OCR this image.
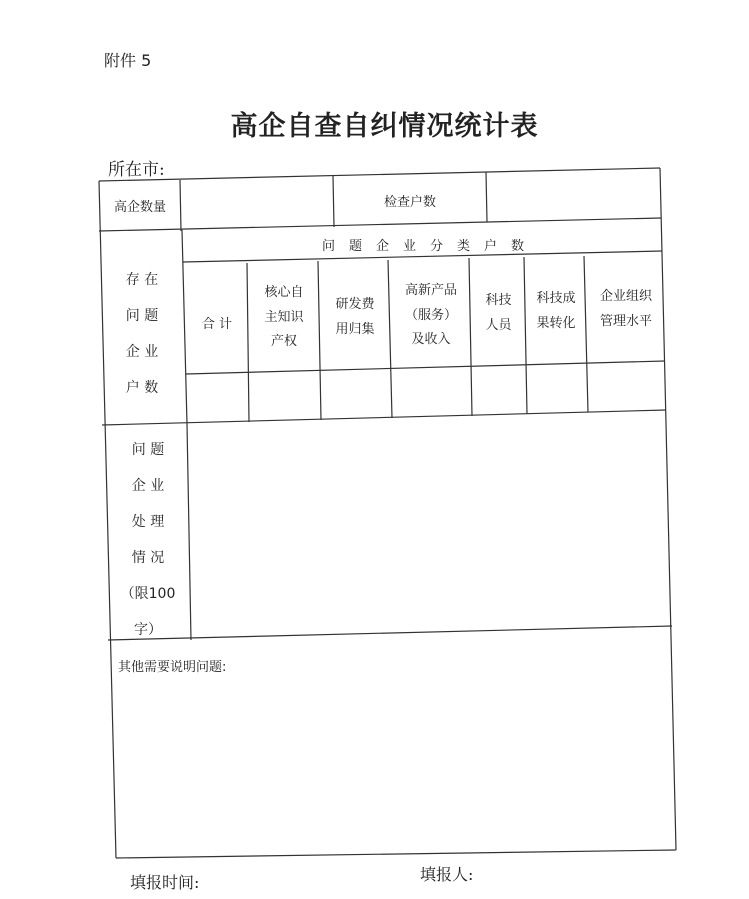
附件 5
高企自查自纠情况统计表
所在市:
高企数量	检查户数
存 在
问 题
企 业
户 数
问题企业分类户数
合 计
核心自
主知识
产权
研发费
用归集
高新产品
（服务）
及收入
科技
人员
科技成
果转化
企业组织
管理水平
问 题
企 业
处 理
情 况
（限100
字）
其他需要说明问题:
填报时间:	填报人:
